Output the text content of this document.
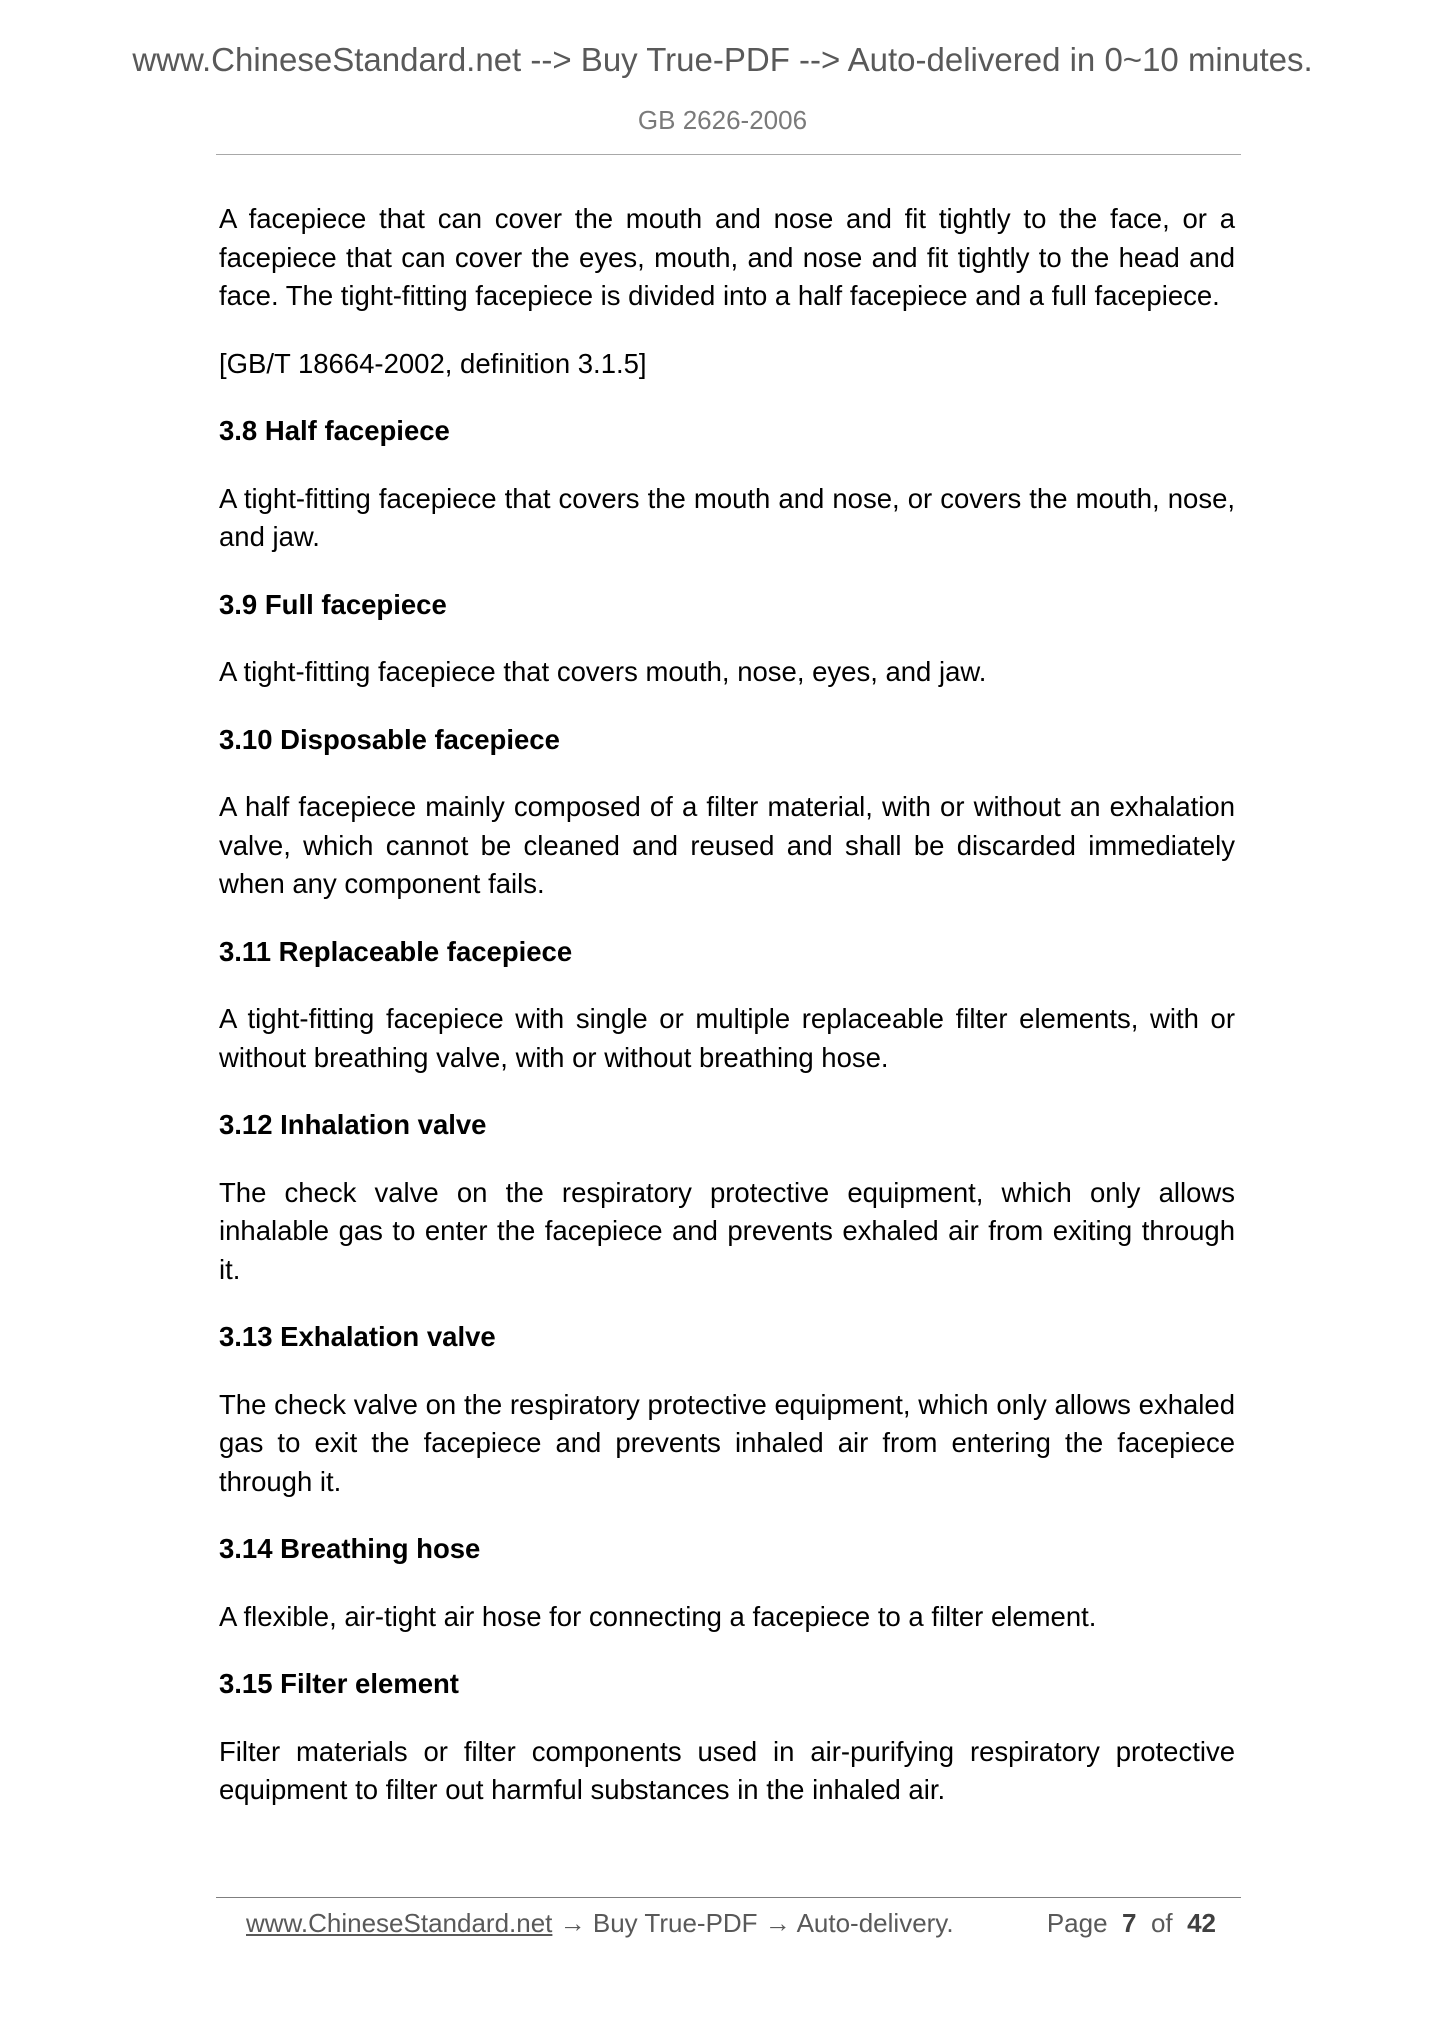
www.ChineseStandard.net --> Buy True-PDF --> Auto-delivered in 0~10 minutes.
GB 2626-2006

A facepiece that can cover the mouth and nose and fit tightly to the face, or a facepiece that can cover the eyes, mouth, and nose and fit tightly to the head and face. The tight-fitting facepiece is divided into a half facepiece and a full facepiece.

[GB/T 18664-2002, definition 3.1.5]

3.8 Half facepiece

A tight-fitting facepiece that covers the mouth and nose, or covers the mouth, nose, and jaw.

3.9 Full facepiece

A tight-fitting facepiece that covers mouth, nose, eyes, and jaw.

3.10 Disposable facepiece

A half facepiece mainly composed of a filter material, with or without an exhalation valve, which cannot be cleaned and reused and shall be discarded immediately when any component fails.

3.11 Replaceable facepiece

A tight-fitting facepiece with single or multiple replaceable filter elements, with or without breathing valve, with or without breathing hose.

3.12 Inhalation valve

The check valve on the respiratory protective equipment, which only allows inhalable gas to enter the facepiece and prevents exhaled air from exiting through it.

3.13 Exhalation valve

The check valve on the respiratory protective equipment, which only allows exhaled gas to exit the facepiece and prevents inhaled air from entering the facepiece through it.

3.14 Breathing hose

A flexible, air-tight air hose for connecting a facepiece to a filter element.

3.15 Filter element

Filter materials or filter components used in air-purifying respiratory protective equipment to filter out harmful substances in the inhaled air.

www.ChineseStandard.net → Buy True-PDF → Auto-delivery.	Page 7 of 42
